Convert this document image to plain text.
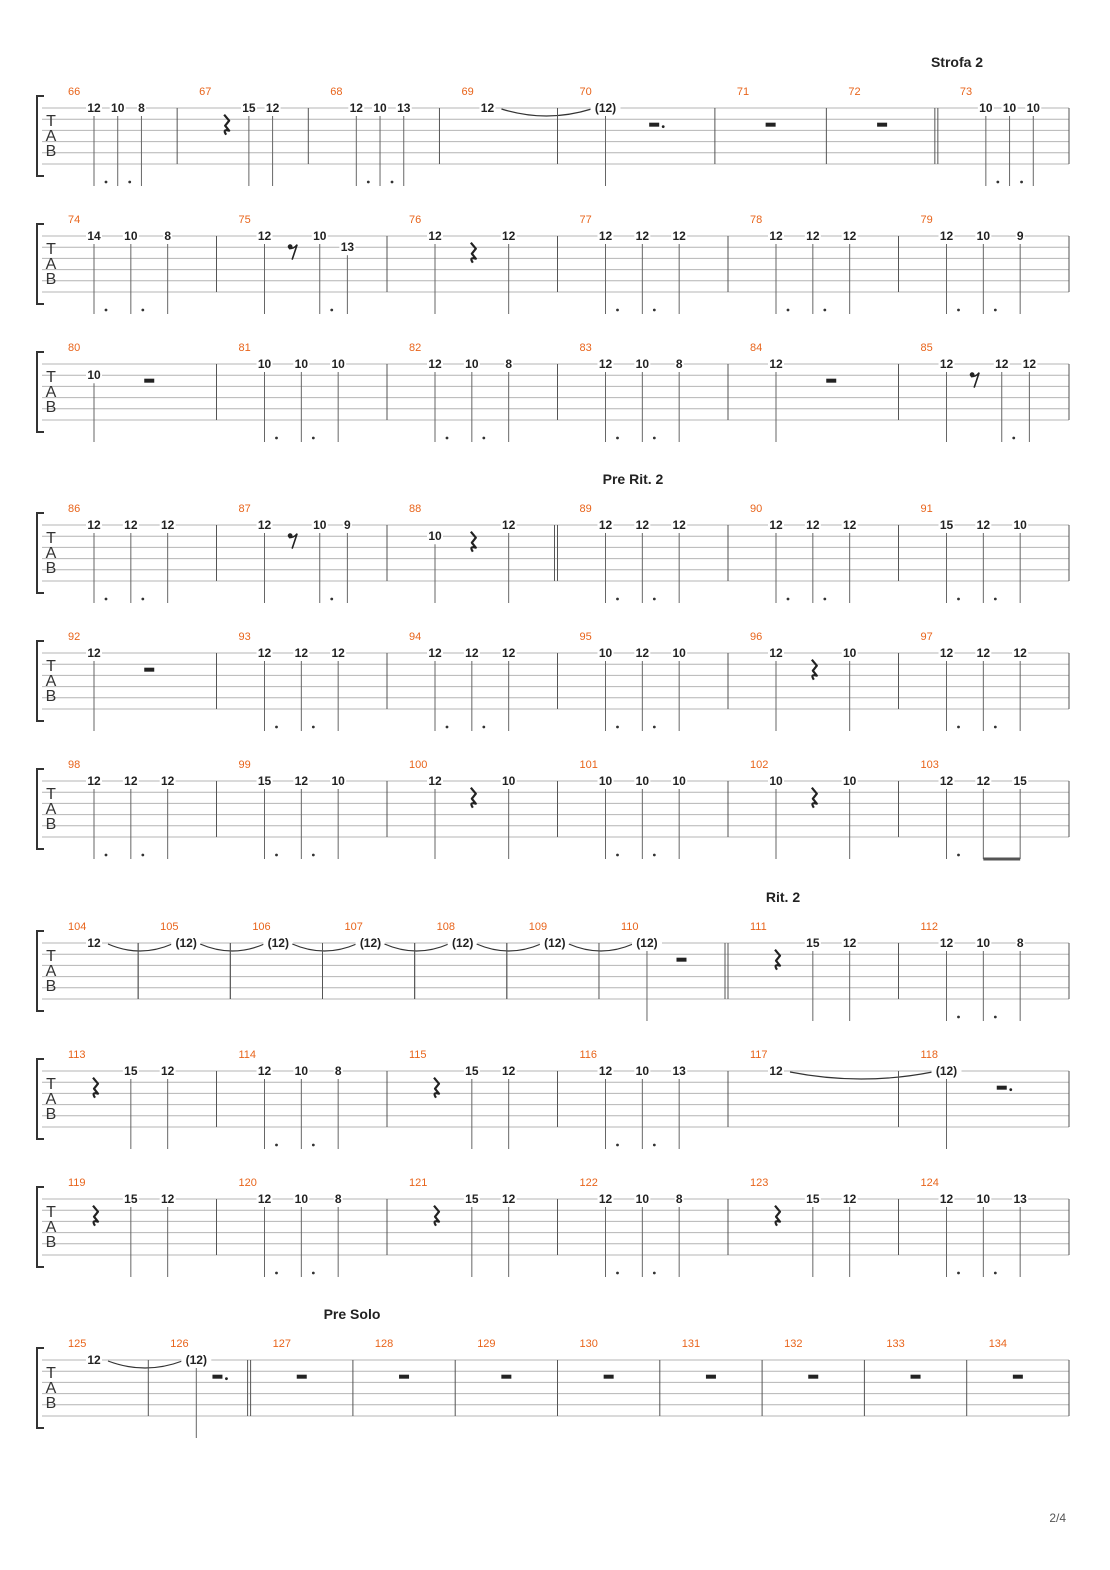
Strofa 2
T
A
B
66
12 10 8
67
15 12
68
12 10 13
69
12
70
(12)
71	72	73
10 10 10
T
A
B
74
14 10 8
75
12	10
13
76
12	12
77
12 12 12
78
12 12 12
79
12 10 9
T
A
B
80
10
81
10 10 10
82
12 10 8
83
12 10 8
84
12
85
12	12 12
Pre Rit. 2
T
A
B
86
12 12 12
87
12	10 9
88
10
12
89
12 12 12
90
12 12 12
91
15 12 10
T
A
B
92
12
93
12 12 12
94
12 12 12
95
10 12 10
96
12	10
97
12 12 12
T
A
B
98
12 12 12
99
15 12 10
100
12	10
101
10 10 10
102
10	10
103
12 12 15
Rit. 2
T
A
B
104
12
105
(12)
106
(12)
107
(12)
108
(12)
109
(12)
110
(12)
111
15 12
112
12 10 8
T
A
B
113
15 12
114
12 10 8
115
15 12
116
12 10 13
117
12
118
(12)
T
A
B
119
15 12
120
12 10 8
121
15 12
122
12 10 8
123
15 12
124
12 10 13
Pre Solo
T
A
B
125
12
126
(12)
127	128	129	130	131	132	133	134
2/4
